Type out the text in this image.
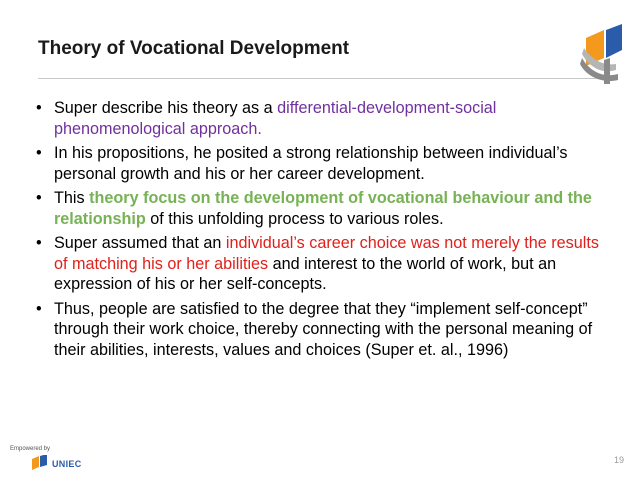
Theory of Vocational Development
• Super describe his theory as a differential-development-social phenomenological approach.
• In his propositions, he posited a strong relationship between individual’s personal growth and his or her career development.
• This theory focus on the development of vocational behaviour and the relationship of this unfolding process to various roles.
• Super assumed that an individual’s career choice was not merely the results of matching his or her abilities and interest to the world of work, but an expression of his or her self-concepts.
• Thus, people are satisfied to the degree that they “implement self-concept” through their work choice, thereby connecting with the personal meaning of their abilities, interests, values and choices (Super et. al., 1996)
Empowered by
UNIEC	19
